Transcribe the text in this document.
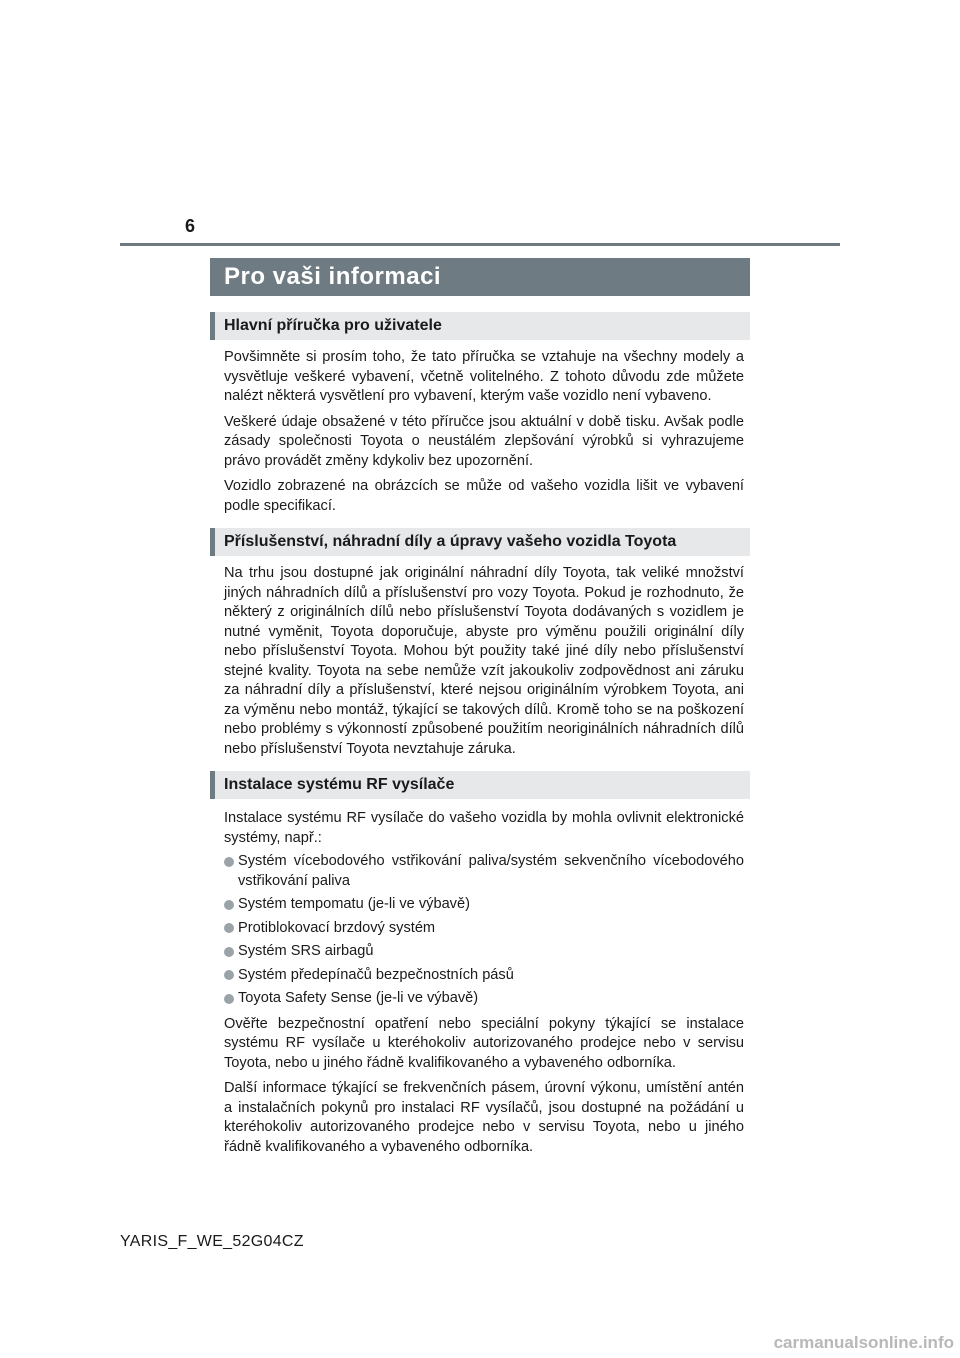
6
Pro vaši informaci
Hlavní příručka pro uživatele

Povšimněte si prosím toho, že tato příručka se vztahuje na všechny modely a vysvětluje veškeré vybavení, včetně volitelného. Z tohoto důvodu zde můžete nalézt některá vysvětlení pro vybavení, kterým vaše vozidlo není vybaveno.

Veškeré údaje obsažené v této příručce jsou aktuální v době tisku. Avšak podle zásady společnosti Toyota o neustálém zlepšování výrobků si vyhrazujeme právo provádět změny kdykoliv bez upozornění.

Vozidlo zobrazené na obrázcích se může od vašeho vozidla lišit ve vybavení podle specifikací.

Příslušenství, náhradní díly a úpravy vašeho vozidla Toyota

Na trhu jsou dostupné jak originální náhradní díly Toyota, tak veliké množství jiných náhradních dílů a příslušenství pro vozy Toyota. Pokud je rozhodnuto, že některý z originálních dílů nebo příslušenství Toyota dodávaných s vozidlem je nutné vyměnit, Toyota doporučuje, abyste pro výměnu použili originální díly nebo příslušenství Toyota. Mohou být použity také jiné díly nebo příslušenství stejné kvality. Toyota na sebe nemůže vzít jakoukoliv zodpovědnost ani záruku za náhradní díly a příslušenství, které nejsou originálním výrobkem Toyota, ani za výměnu nebo montáž, týkající se takových dílů. Kromě toho se na poškození nebo problémy s výkonností způsobené použitím neoriginálních náhradních dílů nebo příslušenství Toyota nevztahuje záruka.

Instalace systému RF vysílače

Instalace systému RF vysílače do vašeho vozidla by mohla ovlivnit elektronické systémy, např.:

Systém vícebodového vstřikování paliva/systém sekvenčního vícebodového vstřikování paliva
Systém tempomatu (je-li ve výbavě)
Protiblokovací brzdový systém
Systém SRS airbagů
Systém předepínačů bezpečnostních pásů
Toyota Safety Sense (je-li ve výbavě)

Ověřte bezpečnostní opatření nebo speciální pokyny týkající se instalace systému RF vysílače u kteréhokoliv autorizovaného prodejce nebo v servisu Toyota, nebo u jiného řádně kvalifikovaného a vybaveného odborníka.

Další informace týkající se frekvenčních pásem, úrovní výkonu, umístění antén a instalačních pokynů pro instalaci RF vysílačů, jsou dostupné na požádání u kteréhokoliv autorizovaného prodejce nebo v servisu Toyota, nebo u jiného řádně kvalifikovaného a vybaveného odborníka.

YARIS_F_WE_52G04CZ
carmanualsonline.info
